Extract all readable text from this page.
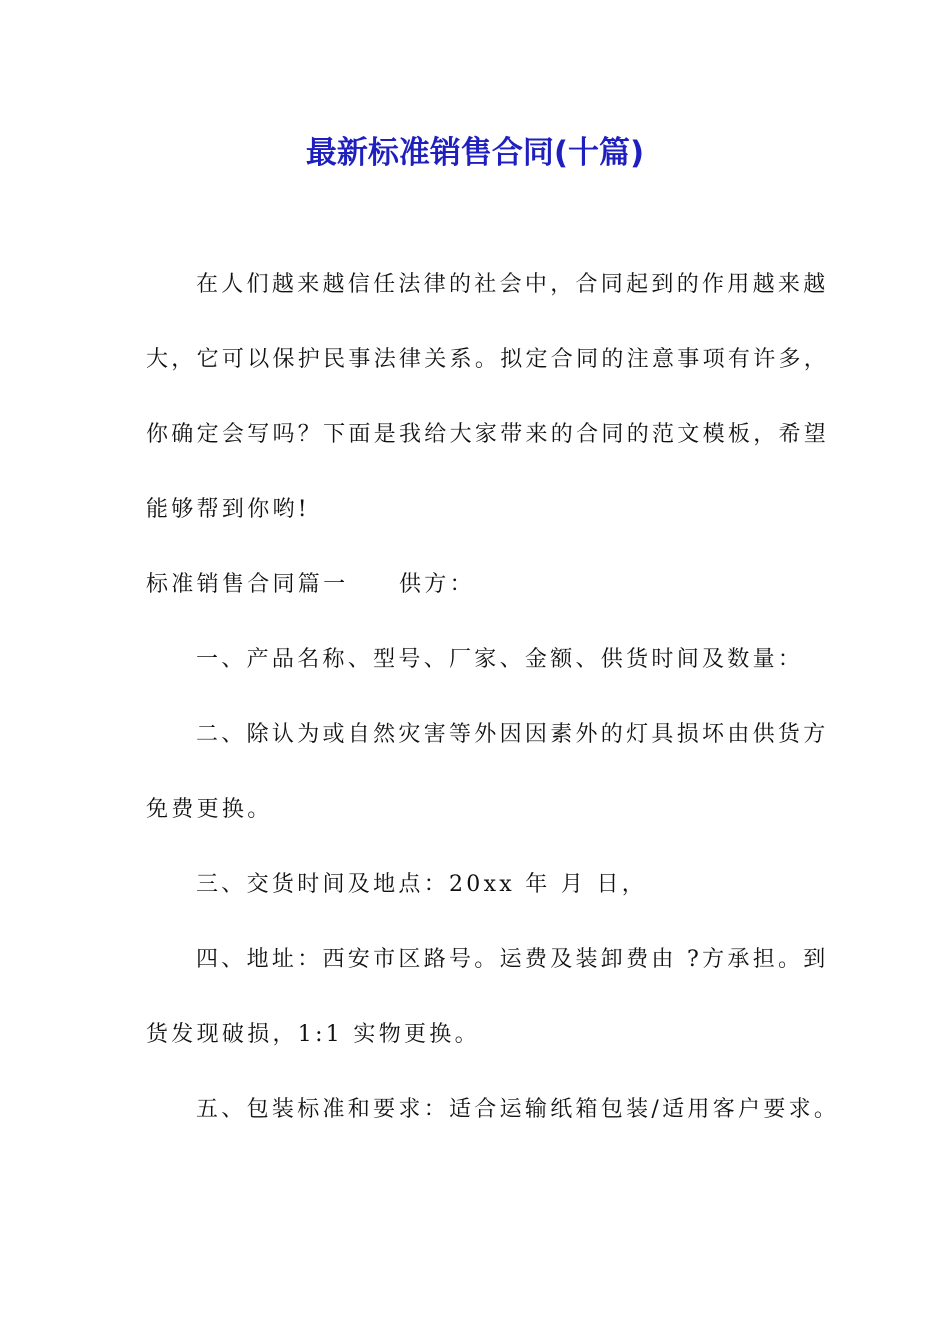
最新标准销售合同(十篇)

在人们越来越信任法律的社会中，合同起到的作用越来越

大，它可以保护民事法律关系。拟定合同的注意事项有许多，

你确定会写吗？下面是我给大家带来的合同的范文模板，希望

能够帮到你哟!

标准销售合同篇一　　供方：

一、产品名称、型号、厂家、金额、供货时间及数量：

二、除认为或自然灾害等外因因素外的灯具损坏由供货方

免费更换。

三、交货时间及地点：20xx 年 月 日，

四、地址：西安市区路号。运费及装卸费由 ?方承担。到

货发现破损，1:1 实物更换。

五、包装标准和要求：适合运输纸箱包装/适用客户要求。
